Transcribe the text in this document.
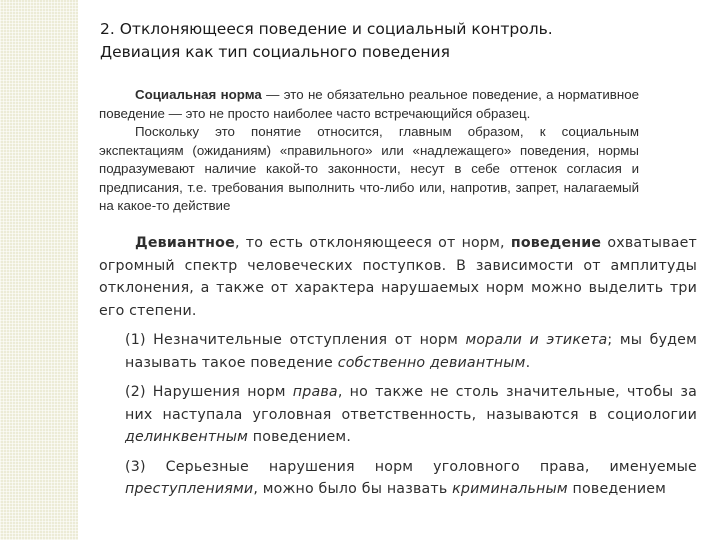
2. Отклоняющееся поведение и социальный контроль.
Девиация как тип социального поведения

Социальная норма — это не обязательно реальное поведение, а нормативное поведение — это не просто наиболее часто встречающийся образец.

Поскольку это понятие относится, главным образом, к социальным экспектациям (ожиданиям) «правильного» или «надлежащего» поведения, нормы подразумевают наличие какой-то законности, несут в себе оттенок согласия и предписания, т.е. требования выполнить что-либо или, напротив, запрет, налагаемый на какое-то действие

Девиантное, то есть отклоняющееся от норм, поведение охватывает огромный спектр человеческих поступков. В зависимости от амплитуды отклонения, а также от характера нарушаемых норм можно выделить три его степени.

(1) Незначительные отступления от норм морали и этикета; мы будем называть такое поведение собственно девиантным.

(2) Нарушения норм права, но также не столь значительные, чтобы за них наступала уголовная ответственность, называются в социологии делинквентным поведением.

(3) Серьезные нарушения норм уголовного права, именуемые преступлениями, можно было бы назвать криминальным поведением
